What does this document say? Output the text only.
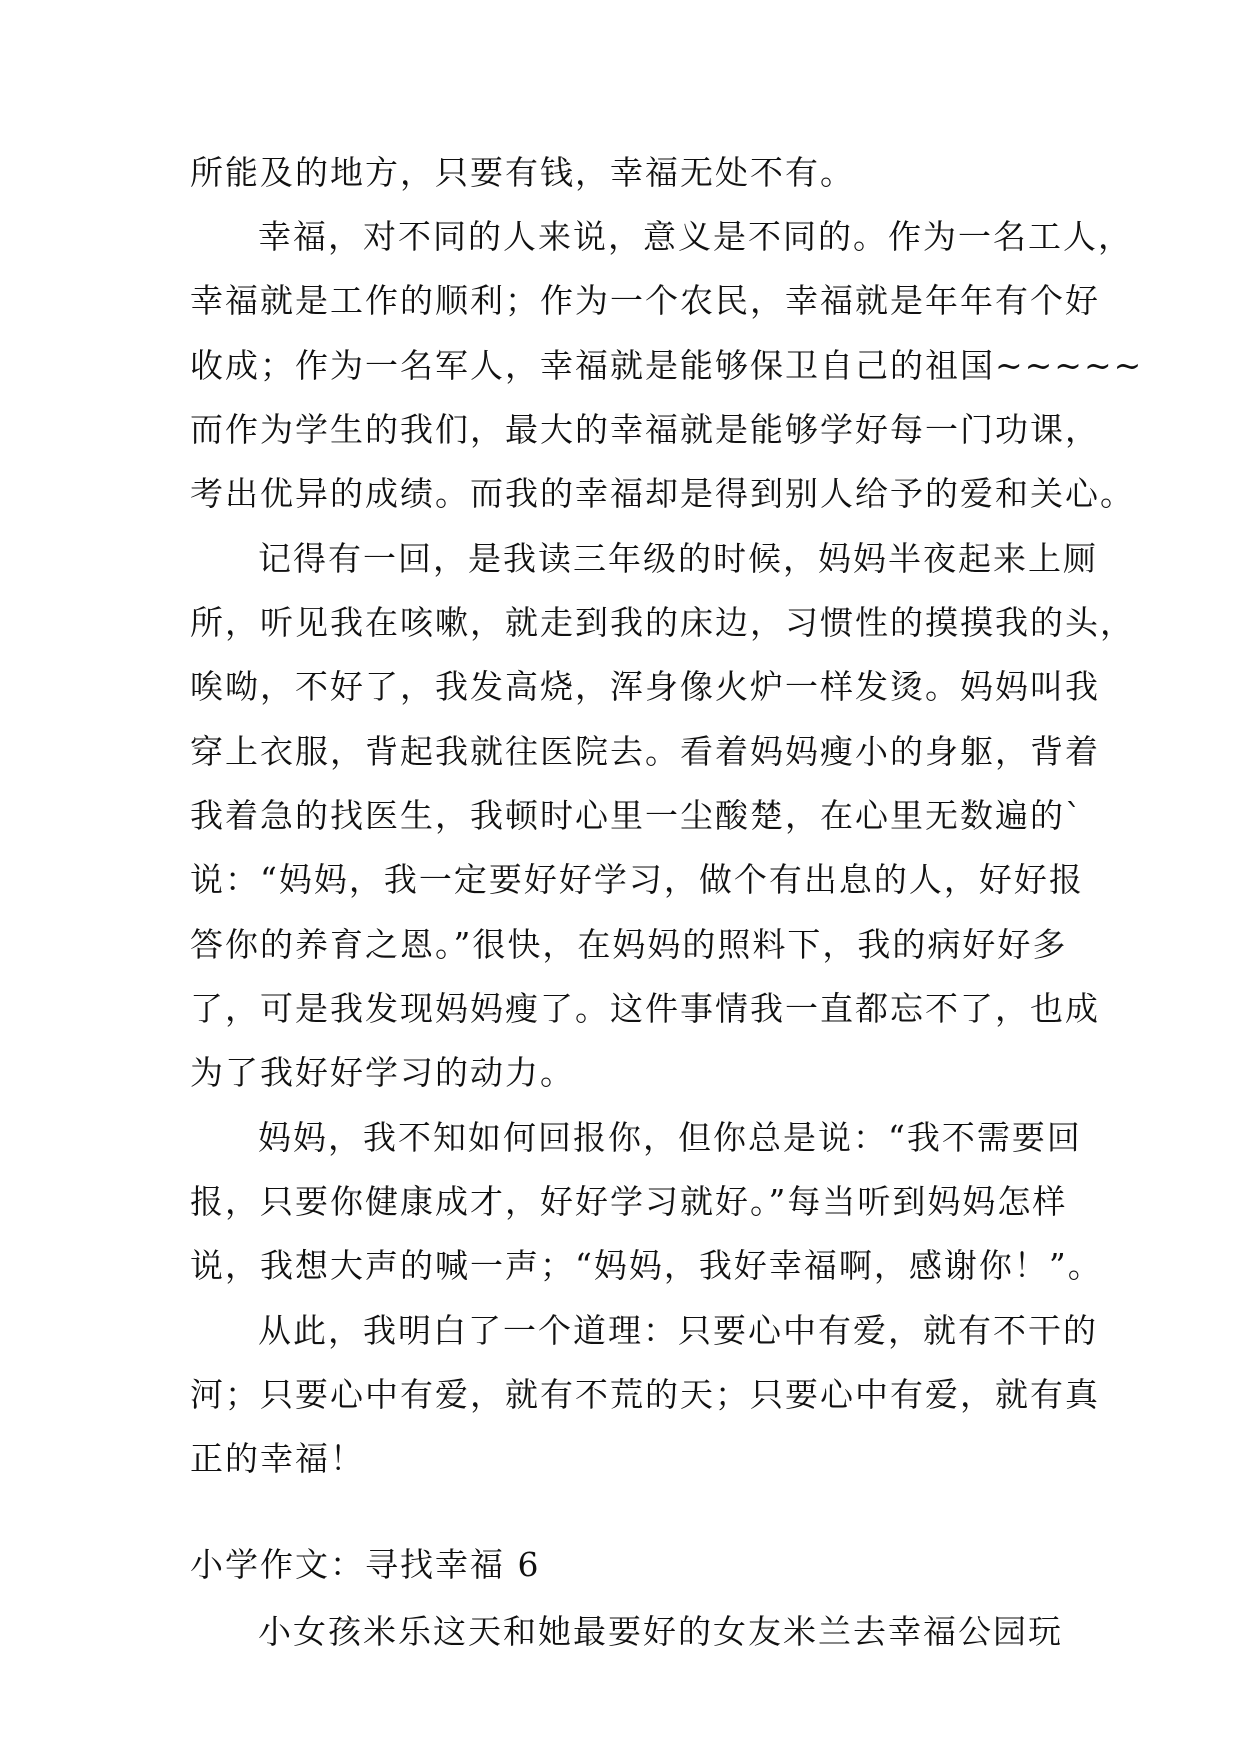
所能及的地方，只要有钱，幸福无处不有。
幸福，对不同的人来说，意义是不同的。作为一名工人，
幸福就是工作的顺利；作为一个农民，幸福就是年年有个好
收成；作为一名军人，幸福就是能够保卫自己的祖国~~~~~
而作为学生的我们，最大的幸福就是能够学好每一门功课，
考出优异的成绩。而我的幸福却是得到别人给予的爱和关心。
记得有一回，是我读三年级的时候，妈妈半夜起来上厕
所，听见我在咳嗽，就走到我的床边，习惯性的摸摸我的头，
唉呦，不好了，我发高烧，浑身像火炉一样发烫。妈妈叫我
穿上衣服，背起我就往医院去。看着妈妈瘦小的身躯，背着
我着急的找医生，我顿时心里一尘酸楚，在心里无数遍的`
说：“妈妈，我一定要好好学习，做个有出息的人，好好报
答你的养育之恩。”很快，在妈妈的照料下，我的病好好多
了，可是我发现妈妈瘦了。这件事情我一直都忘不了，也成
为了我好好学习的动力。
妈妈，我不知如何回报你，但你总是说：“我不需要回
报，只要你健康成才，好好学习就好。”每当听到妈妈怎样
说，我想大声的喊一声；“妈妈，我好幸福啊，感谢你！”。
从此，我明白了一个道理：只要心中有爱，就有不干的
河；只要心中有爱，就有不荒的天；只要心中有爱，就有真
正的幸福！
小学作文：寻找幸福 6
小女孩米乐这天和她最要好的女友米兰去幸福公园玩
